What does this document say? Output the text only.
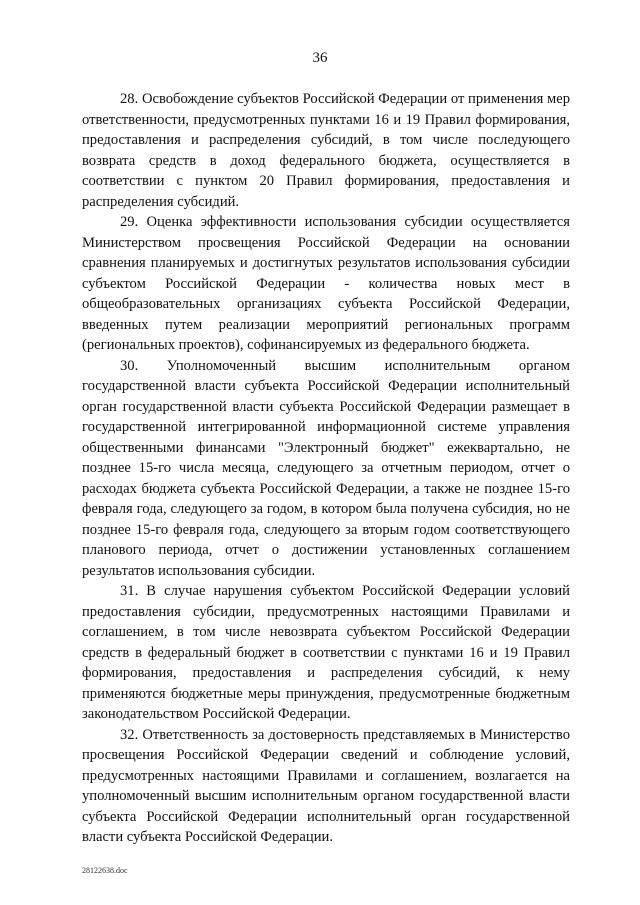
36

28. Освобождение субъектов Российской Федерации от применения мер ответственности, предусмотренных пунктами 16 и 19 Правил формирования, предоставления и распределения субсидий, в том числе последующего возврата средств в доход федерального бюджета, осуществляется в соответствии с пунктом 20 Правил формирования, предоставления и распределения субсидий.

29. Оценка эффективности использования субсидии осуществляется Министерством просвещения Российской Федерации на основании сравнения планируемых и достигнутых результатов использования субсидии субъектом Российской Федерации - количества новых мест в общеобразовательных организациях субъекта Российской Федерации, введенных путем реализации мероприятий региональных программ (региональных проектов), софинансируемых из федерального бюджета.

30. Уполномоченный высшим исполнительным органом государственной власти субъекта Российской Федерации исполнительный орган государственной власти субъекта Российской Федерации размещает в государственной интегрированной информационной системе управления общественными финансами "Электронный бюджет" ежеквартально, не позднее 15-го числа месяца, следующего за отчетным периодом, отчет о расходах бюджета субъекта Российской Федерации, а также не позднее 15-го февраля года, следующего за годом, в котором была получена субсидия, но не позднее 15-го февраля года, следующего за вторым годом соответствующего планового периода, отчет о достижении установленных соглашением результатов использования субсидии.

31. В случае нарушения субъектом Российской Федерации условий предоставления субсидии, предусмотренных настоящими Правилами и соглашением, в том числе невозврата субъектом Российской Федерации средств в федеральный бюджет в соответствии с пунктами 16 и 19 Правил формирования, предоставления и распределения субсидий, к нему применяются бюджетные меры принуждения, предусмотренные бюджетным законодательством Российской Федерации.

32. Ответственность за достоверность представляемых в Министерство просвещения Российской Федерации сведений и соблюдение условий, предусмотренных настоящими Правилами и соглашением, возлагается на уполномоченный высшим исполнительным органом государственной власти субъекта Российской Федерации исполнительный орган государственной власти субъекта Российской Федерации.

28122638.doc
